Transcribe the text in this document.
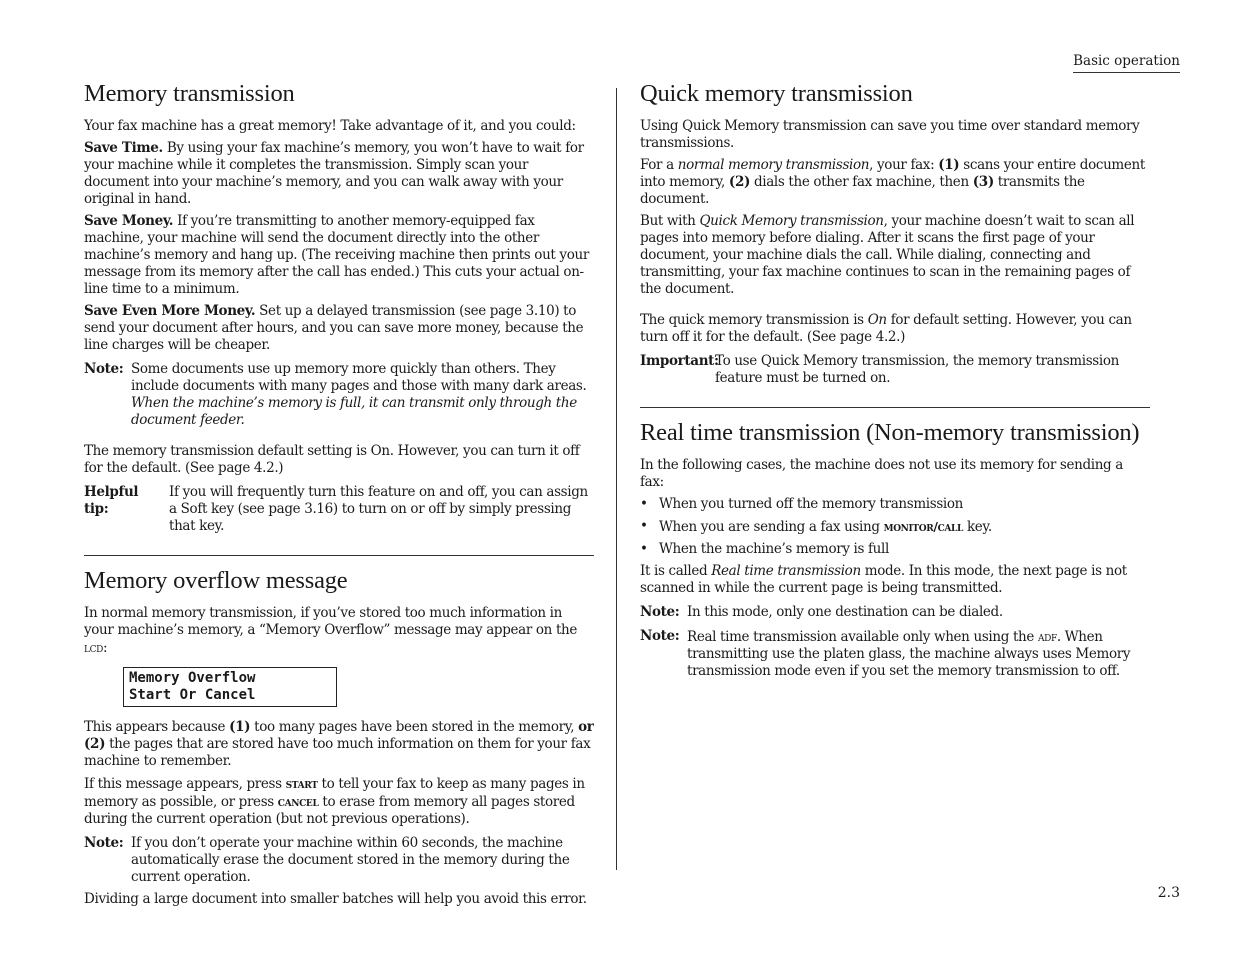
Basic operation
Memory transmission

Your fax machine has a great memory! Take advantage of it, and you could:

Save Time. By using your fax machine’s memory, you won’t have to wait for your machine while it completes the transmission. Simply scan your document into your machine’s memory, and you can walk away with your original in hand.

Save Money. If you’re transmitting to another memory-equipped fax machine, your machine will send the document directly into the other machine’s memory and hang up. (The receiving machine then prints out your message from its memory after the call has ended.) This cuts your actual on-line time to a minimum.

Save Even More Money. Set up a delayed transmission (see page 3.10) to send your document after hours, and you can save more money, because the line charges will be cheaper.

Note: Some documents use up memory more quickly than others. They include documents with many pages and those with many dark areas. When the machine’s memory is full, it can transmit only through the document feeder.

The memory transmission default setting is On. However, you can turn it off for the default. (See page 4.2.)

Helpful tip:
If you will frequently turn this feature on and off, you can assign a Soft key (see page 3.16) to turn on or off by simply pressing that key.
Memory overflow message

In normal memory transmission, if you’ve stored too much information in your machine’s memory, a “Memory Overflow” message may appear on the lcd:

Memory Overflow
Start Or Cancel

This appears because (1) too many pages have been stored in the memory, or (2) the pages that are stored have too much information on them for your fax machine to remember.

If this message appears, press start to tell your fax to keep as many pages in memory as possible, or press cancel to erase from memory all pages stored during the current operation (but not previous operations).

Note: If you don’t operate your machine within 60 seconds, the machine automatically erase the document stored in the memory during the current operation.

Dividing a large document into smaller batches will help you avoid this error.

Quick memory transmission

Using Quick Memory transmission can save you time over standard memory transmissions.

For a normal memory transmission, your fax: (1) scans your entire document into memory, (2) dials the other fax machine, then (3) transmits the document.

But with Quick Memory transmission, your machine doesn’t wait to scan all pages into memory before dialing. After it scans the first page of your document, your machine dials the call. While dialing, connecting and transmitting, your fax machine continues to scan in the remaining pages of the document.

The quick memory transmission is On for default setting. However, you can turn off it for the default. (See page 4.2.)

Important:
To use Quick Memory transmission, the memory transmission feature must be turned on.
Real time transmission (Non-memory transmission)

In the following cases, the machine does not use its memory for sending a fax:

• When you turned off the memory transmission
• When you are sending a fax using monitor/call key.
• When the machine’s memory is full

It is called Real time transmission mode. In this mode, the next page is not scanned in while the current page is being transmitted.

Note: In this mode, only one destination can be dialed.
Note: Real time transmission available only when using the adf. When transmitting use the platen glass, the machine always uses Memory transmission mode even if you set the memory transmission to off.
2.3
